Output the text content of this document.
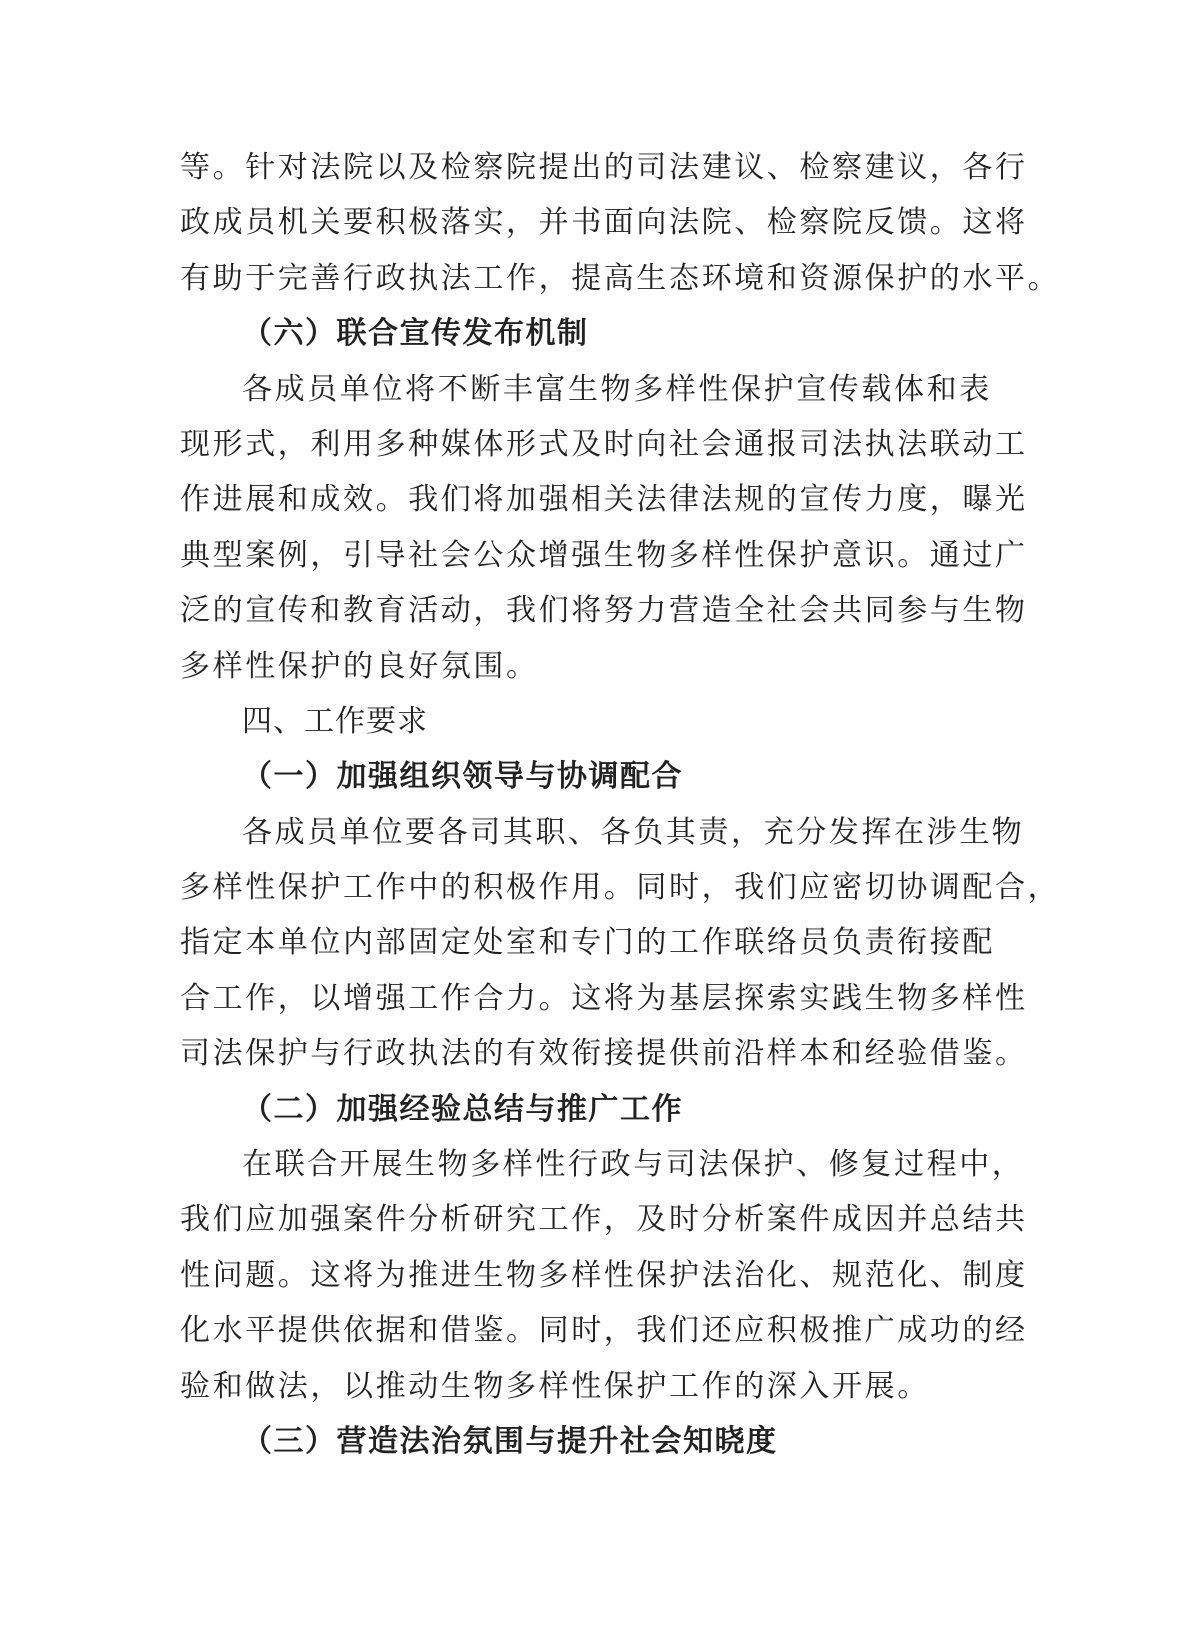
等。针对法院以及检察院提出的司法建议、检察建议，各行
政成员机关要积极落实，并书面向法院、检察院反馈。这将
有助于完善行政执法工作，提高生态环境和资源保护的水平。
（六）联合宣传发布机制
各成员单位将不断丰富生物多样性保护宣传载体和表
现形式，利用多种媒体形式及时向社会通报司法执法联动工
作进展和成效。我们将加强相关法律法规的宣传力度，曝光
典型案例，引导社会公众增强生物多样性保护意识。通过广
泛的宣传和教育活动，我们将努力营造全社会共同参与生物
多样性保护的良好氛围。
四、工作要求
（一）加强组织领导与协调配合
各成员单位要各司其职、各负其责，充分发挥在涉生物
多样性保护工作中的积极作用。同时，我们应密切协调配合，
指定本单位内部固定处室和专门的工作联络员负责衔接配
合工作，以增强工作合力。这将为基层探索实践生物多样性
司法保护与行政执法的有效衔接提供前沿样本和经验借鉴。
（二）加强经验总结与推广工作
在联合开展生物多样性行政与司法保护、修复过程中，
我们应加强案件分析研究工作，及时分析案件成因并总结共
性问题。这将为推进生物多样性保护法治化、规范化、制度
化水平提供依据和借鉴。同时，我们还应积极推广成功的经
验和做法，以推动生物多样性保护工作的深入开展。
（三）营造法治氛围与提升社会知晓度
